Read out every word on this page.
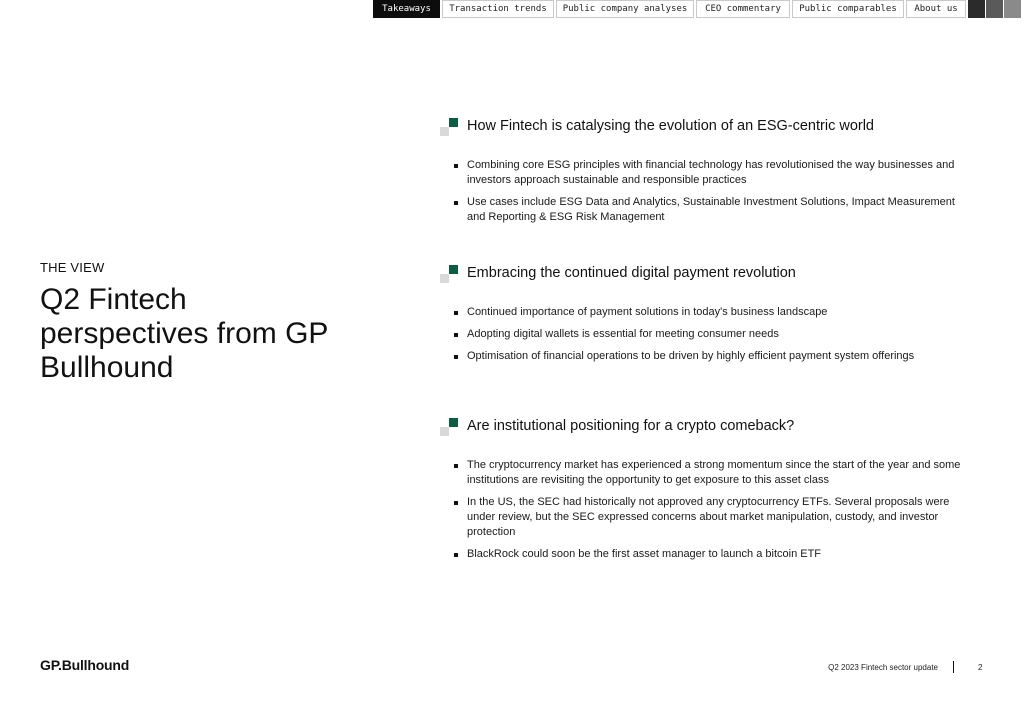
Takeaways	Transaction trends	Public company analyses	CEO commentary	Public comparables	About us
THE VIEW
Q2 Fintech perspectives from GP Bullhound
How Fintech is catalysing the evolution of an ESG-centric world
Combining core ESG principles with financial technology has revolutionised the way businesses and investors approach sustainable and responsible practices
Use cases include ESG Data and Analytics, Sustainable Investment Solutions, Impact Measurement and Reporting & ESG Risk Management
Embracing the continued digital payment revolution
Continued importance of payment solutions in today's business landscape
Adopting digital wallets is essential for meeting consumer needs
Optimisation of financial operations to be driven by highly efficient payment system offerings
Are institutional positioning for a crypto comeback?
The cryptocurrency market has experienced a strong momentum since the start of the year and some institutions are revisiting the opportunity to get exposure to this asset class
In the US, the SEC had historically not approved any cryptocurrency ETFs. Several proposals were under review, but the SEC expressed concerns about market manipulation, custody, and investor protection
BlackRock could soon be the first asset manager to launch a bitcoin ETF
GP.Bullhound	Q2 2023 Fintech sector update	2
